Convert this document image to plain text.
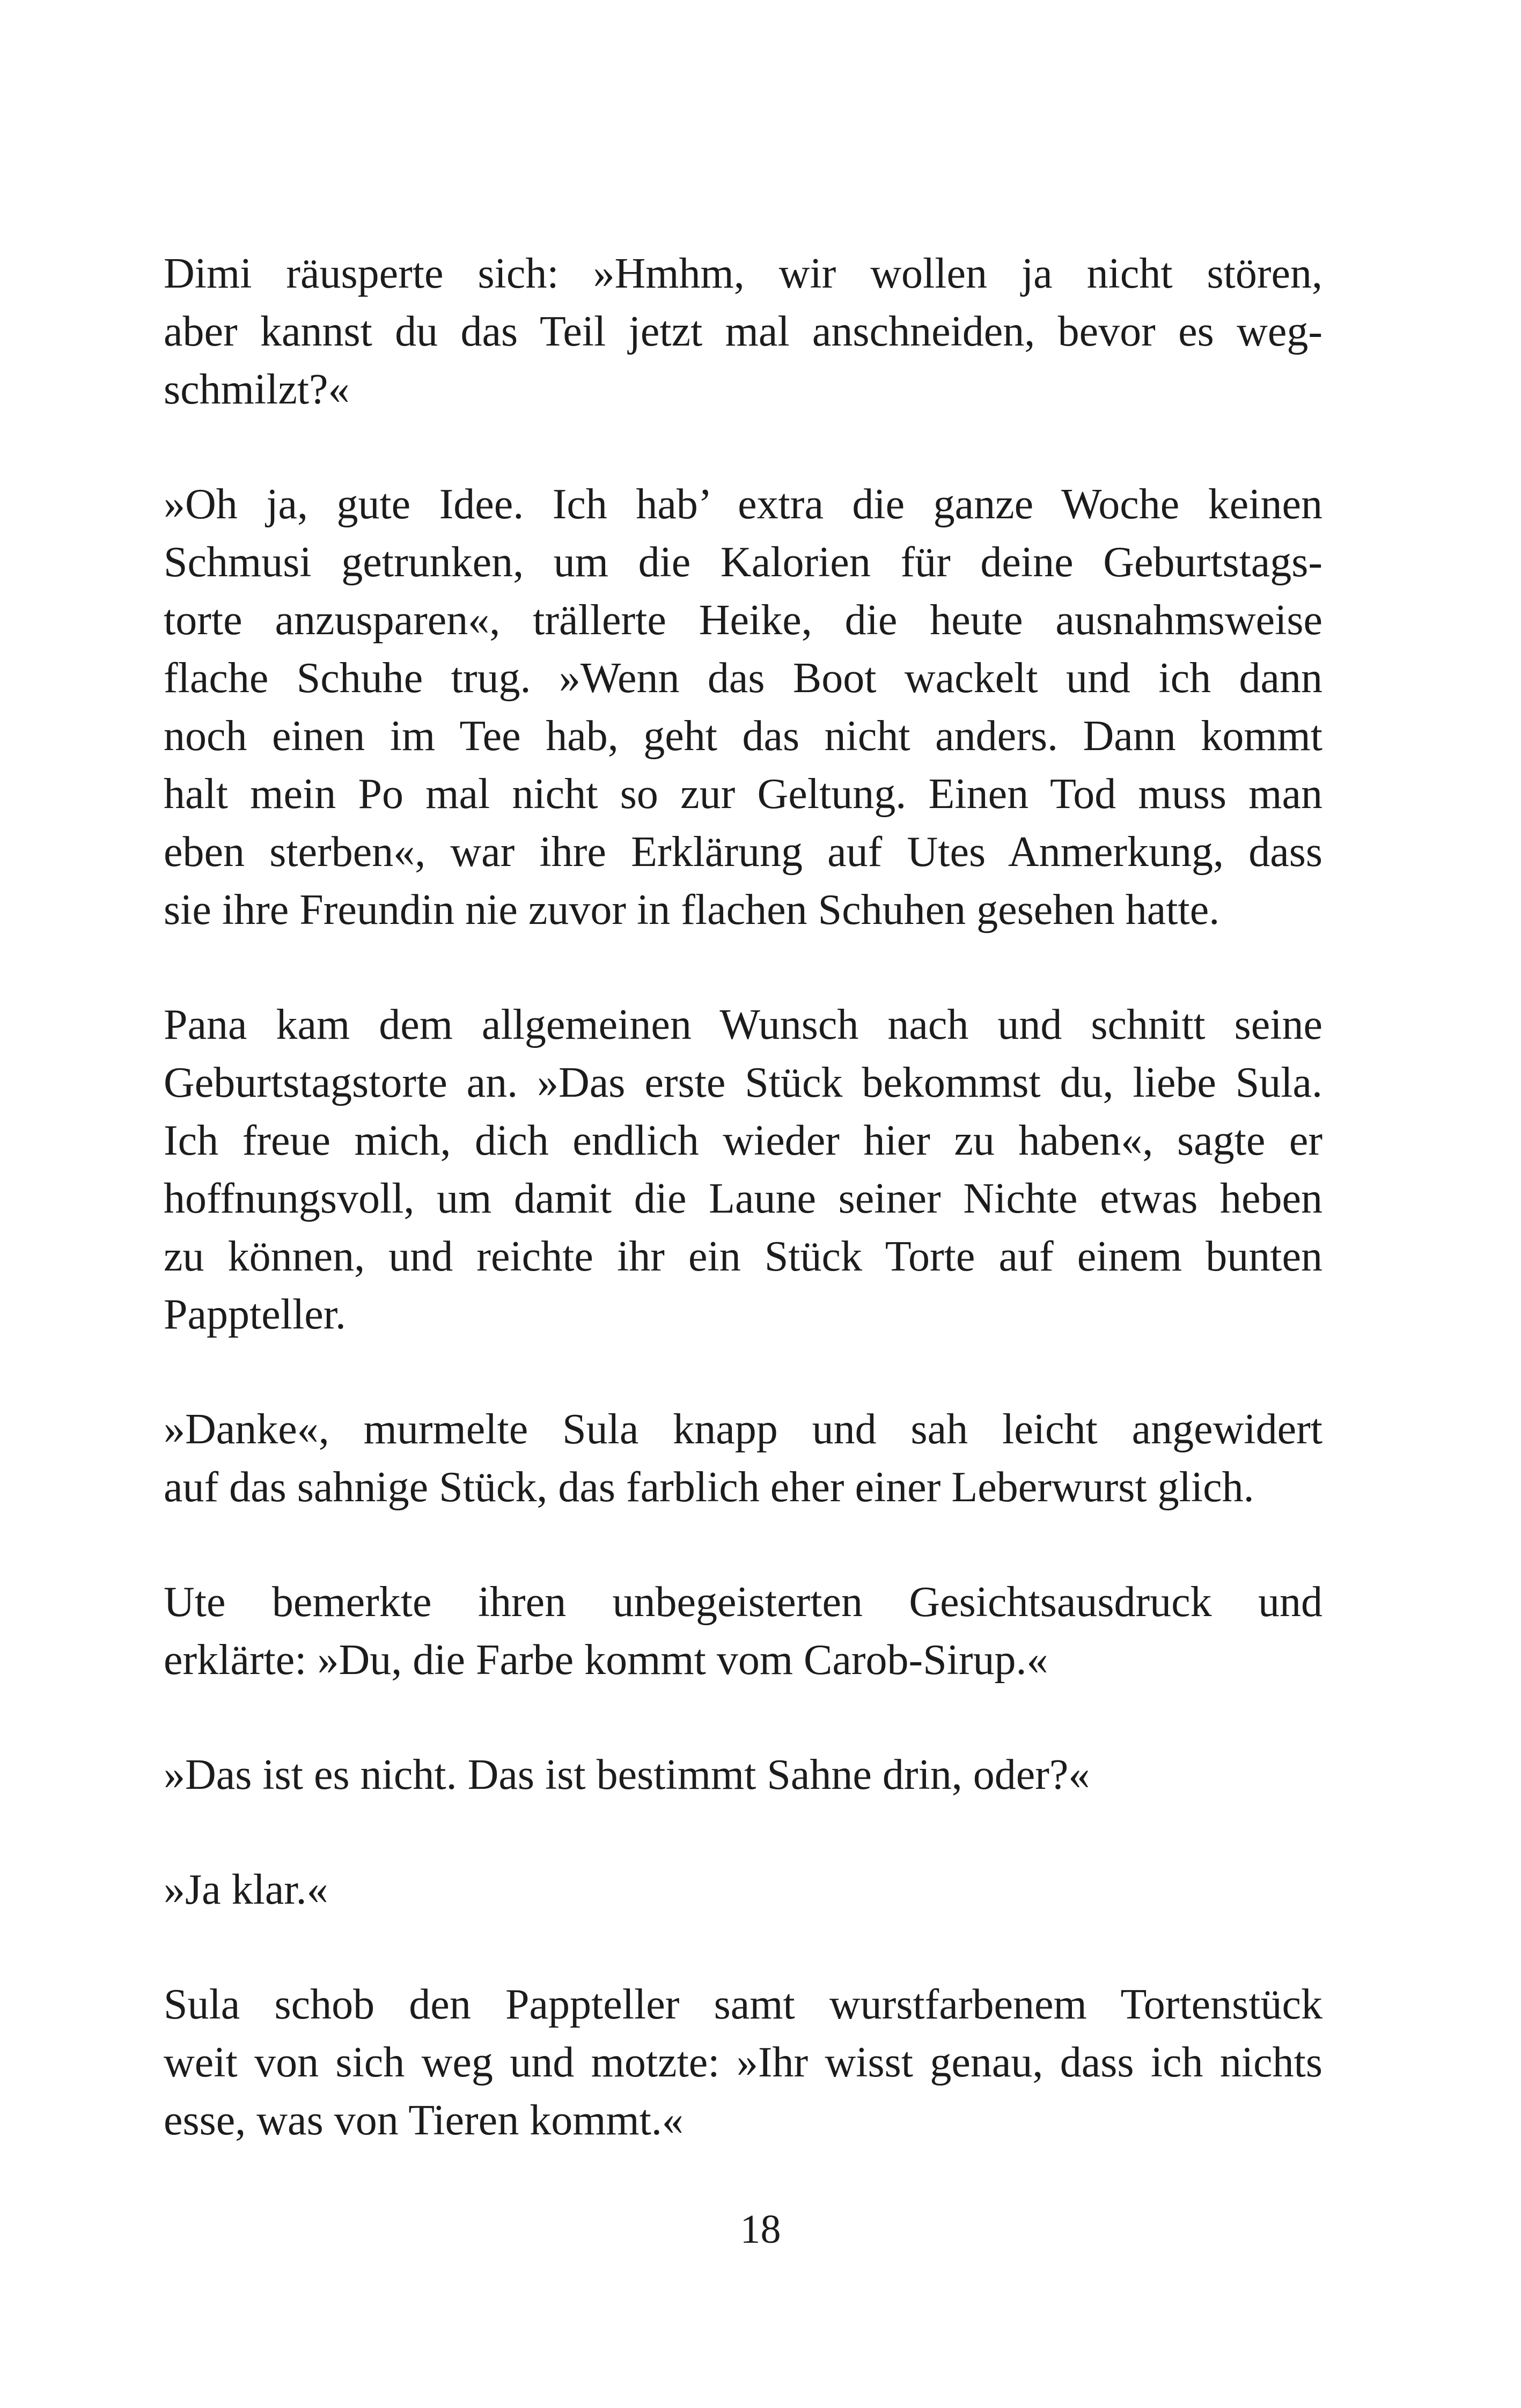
Dimi räusperte sich: »Hmhm, wir wollen ja nicht stören,
aber kannst du das Teil jetzt mal anschneiden, bevor es weg-
schmilzt?«
»Oh ja, gute Idee. Ich hab’ extra die ganze Woche keinen
Schmusi getrunken, um die Kalorien für deine Geburtstags-
torte anzusparen«, trällerte Heike, die heute ausnahmsweise
flache Schuhe trug. »Wenn das Boot wackelt und ich dann
noch einen im Tee hab, geht das nicht anders. Dann kommt
halt mein Po mal nicht so zur Geltung. Einen Tod muss man
eben sterben«, war ihre Erklärung auf Utes Anmerkung, dass
sie ihre Freundin nie zuvor in flachen Schuhen gesehen hatte.
Pana kam dem allgemeinen Wunsch nach und schnitt seine
Geburtstagstorte an. »Das erste Stück bekommst du, liebe Sula.
Ich freue mich, dich endlich wieder hier zu haben«, sagte er
hoffnungsvoll, um damit die Laune seiner Nichte etwas heben
zu können, und reichte ihr ein Stück Torte auf einem bunten
Pappteller.
»Danke«, murmelte Sula knapp und sah leicht angewidert
auf das sahnige Stück, das farblich eher einer Leberwurst glich.
Ute bemerkte ihren unbegeisterten Gesichtsausdruck und
erklärte: »Du, die Farbe kommt vom Carob-Sirup.«
»Das ist es nicht. Das ist bestimmt Sahne drin, oder?«
»Ja klar.«
Sula schob den Pappteller samt wurstfarbenem Tortenstück
weit von sich weg und motzte: »Ihr wisst genau, dass ich nichts
esse, was von Tieren kommt.«
18
